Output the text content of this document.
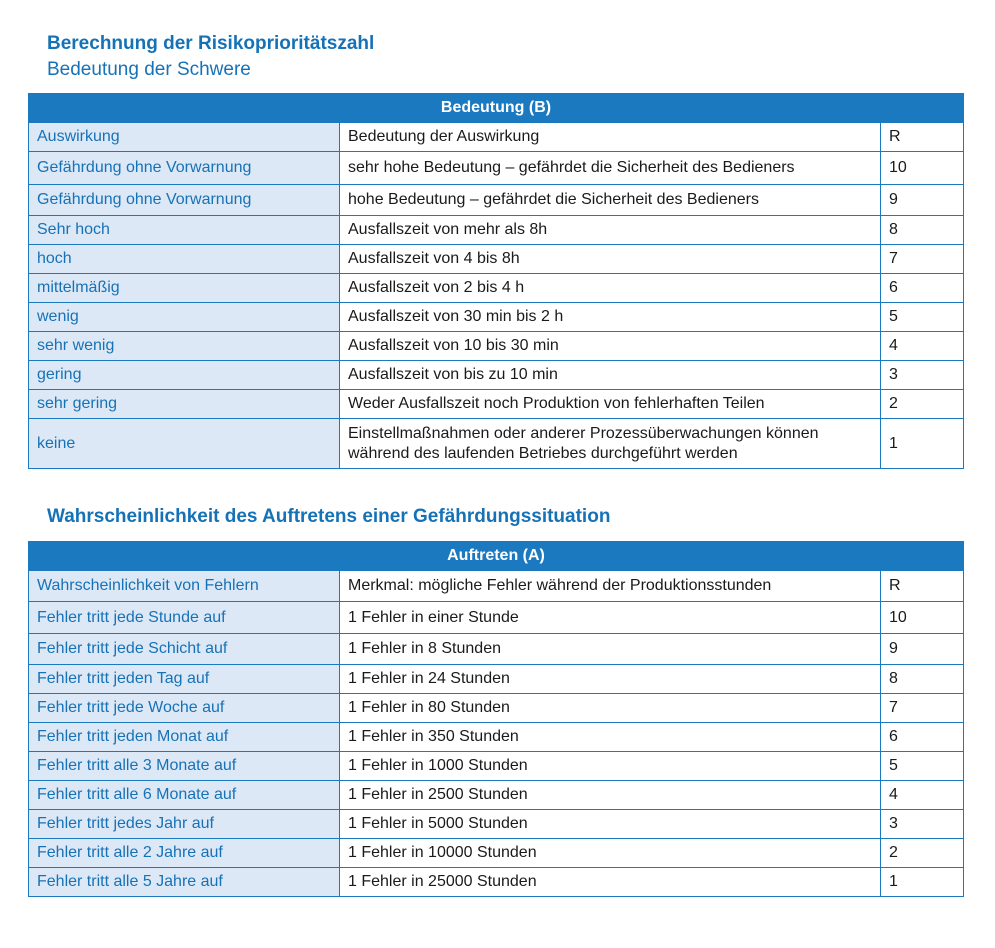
Berechnung der Risikoprioritätszahl
Bedeutung der Schwere
Bedeutung (B)		
Auswirkung	Bedeutung der Auswirkung	R
Gefährdung ohne Vorwarnung	sehr hohe Bedeutung – gefährdet die Sicherheit des Bedieners	10
Gefährdung ohne Vorwarnung	hohe Bedeutung – gefährdet die Sicherheit des Bedieners	9
Sehr hoch	Ausfallszeit von mehr als 8h	8
hoch	Ausfallszeit von 4 bis 8h	7
mittelmäßig	Ausfallszeit von 2 bis 4 h	6
wenig	Ausfallszeit von 30 min bis 2 h	5
sehr wenig	Ausfallszeit von 10 bis 30 min	4
gering	Ausfallszeit von bis zu 10 min	3
sehr gering	Weder Ausfallszeit noch Produktion von fehlerhaften Teilen	2
keine	Einstellmaßnahmen oder anderer Prozessüberwachungen können während des laufenden Betriebes durchgeführt werden	1
Wahrscheinlichkeit des Auftretens einer Gefährdungssituation
Auftreten (A)		
Wahrscheinlichkeit von Fehlern	Merkmal: mögliche Fehler während der Produktionsstunden	R
Fehler tritt jede Stunde auf	1 Fehler in einer Stunde	10
Fehler tritt jede Schicht auf	1 Fehler in 8 Stunden	9
Fehler tritt jeden Tag auf	1 Fehler in 24 Stunden	8
Fehler tritt jede Woche auf	1 Fehler in 80 Stunden	7
Fehler tritt jeden Monat auf	1 Fehler in 350 Stunden	6
Fehler tritt alle 3 Monate auf	1 Fehler in 1000 Stunden	5
Fehler tritt alle 6 Monate auf	1 Fehler in 2500 Stunden	4
Fehler tritt jedes Jahr auf	1 Fehler in 5000 Stunden	3
Fehler tritt alle 2 Jahre auf	1 Fehler in 10000 Stunden	2
Fehler tritt alle 5 Jahre auf	1 Fehler in 25000 Stunden	1
